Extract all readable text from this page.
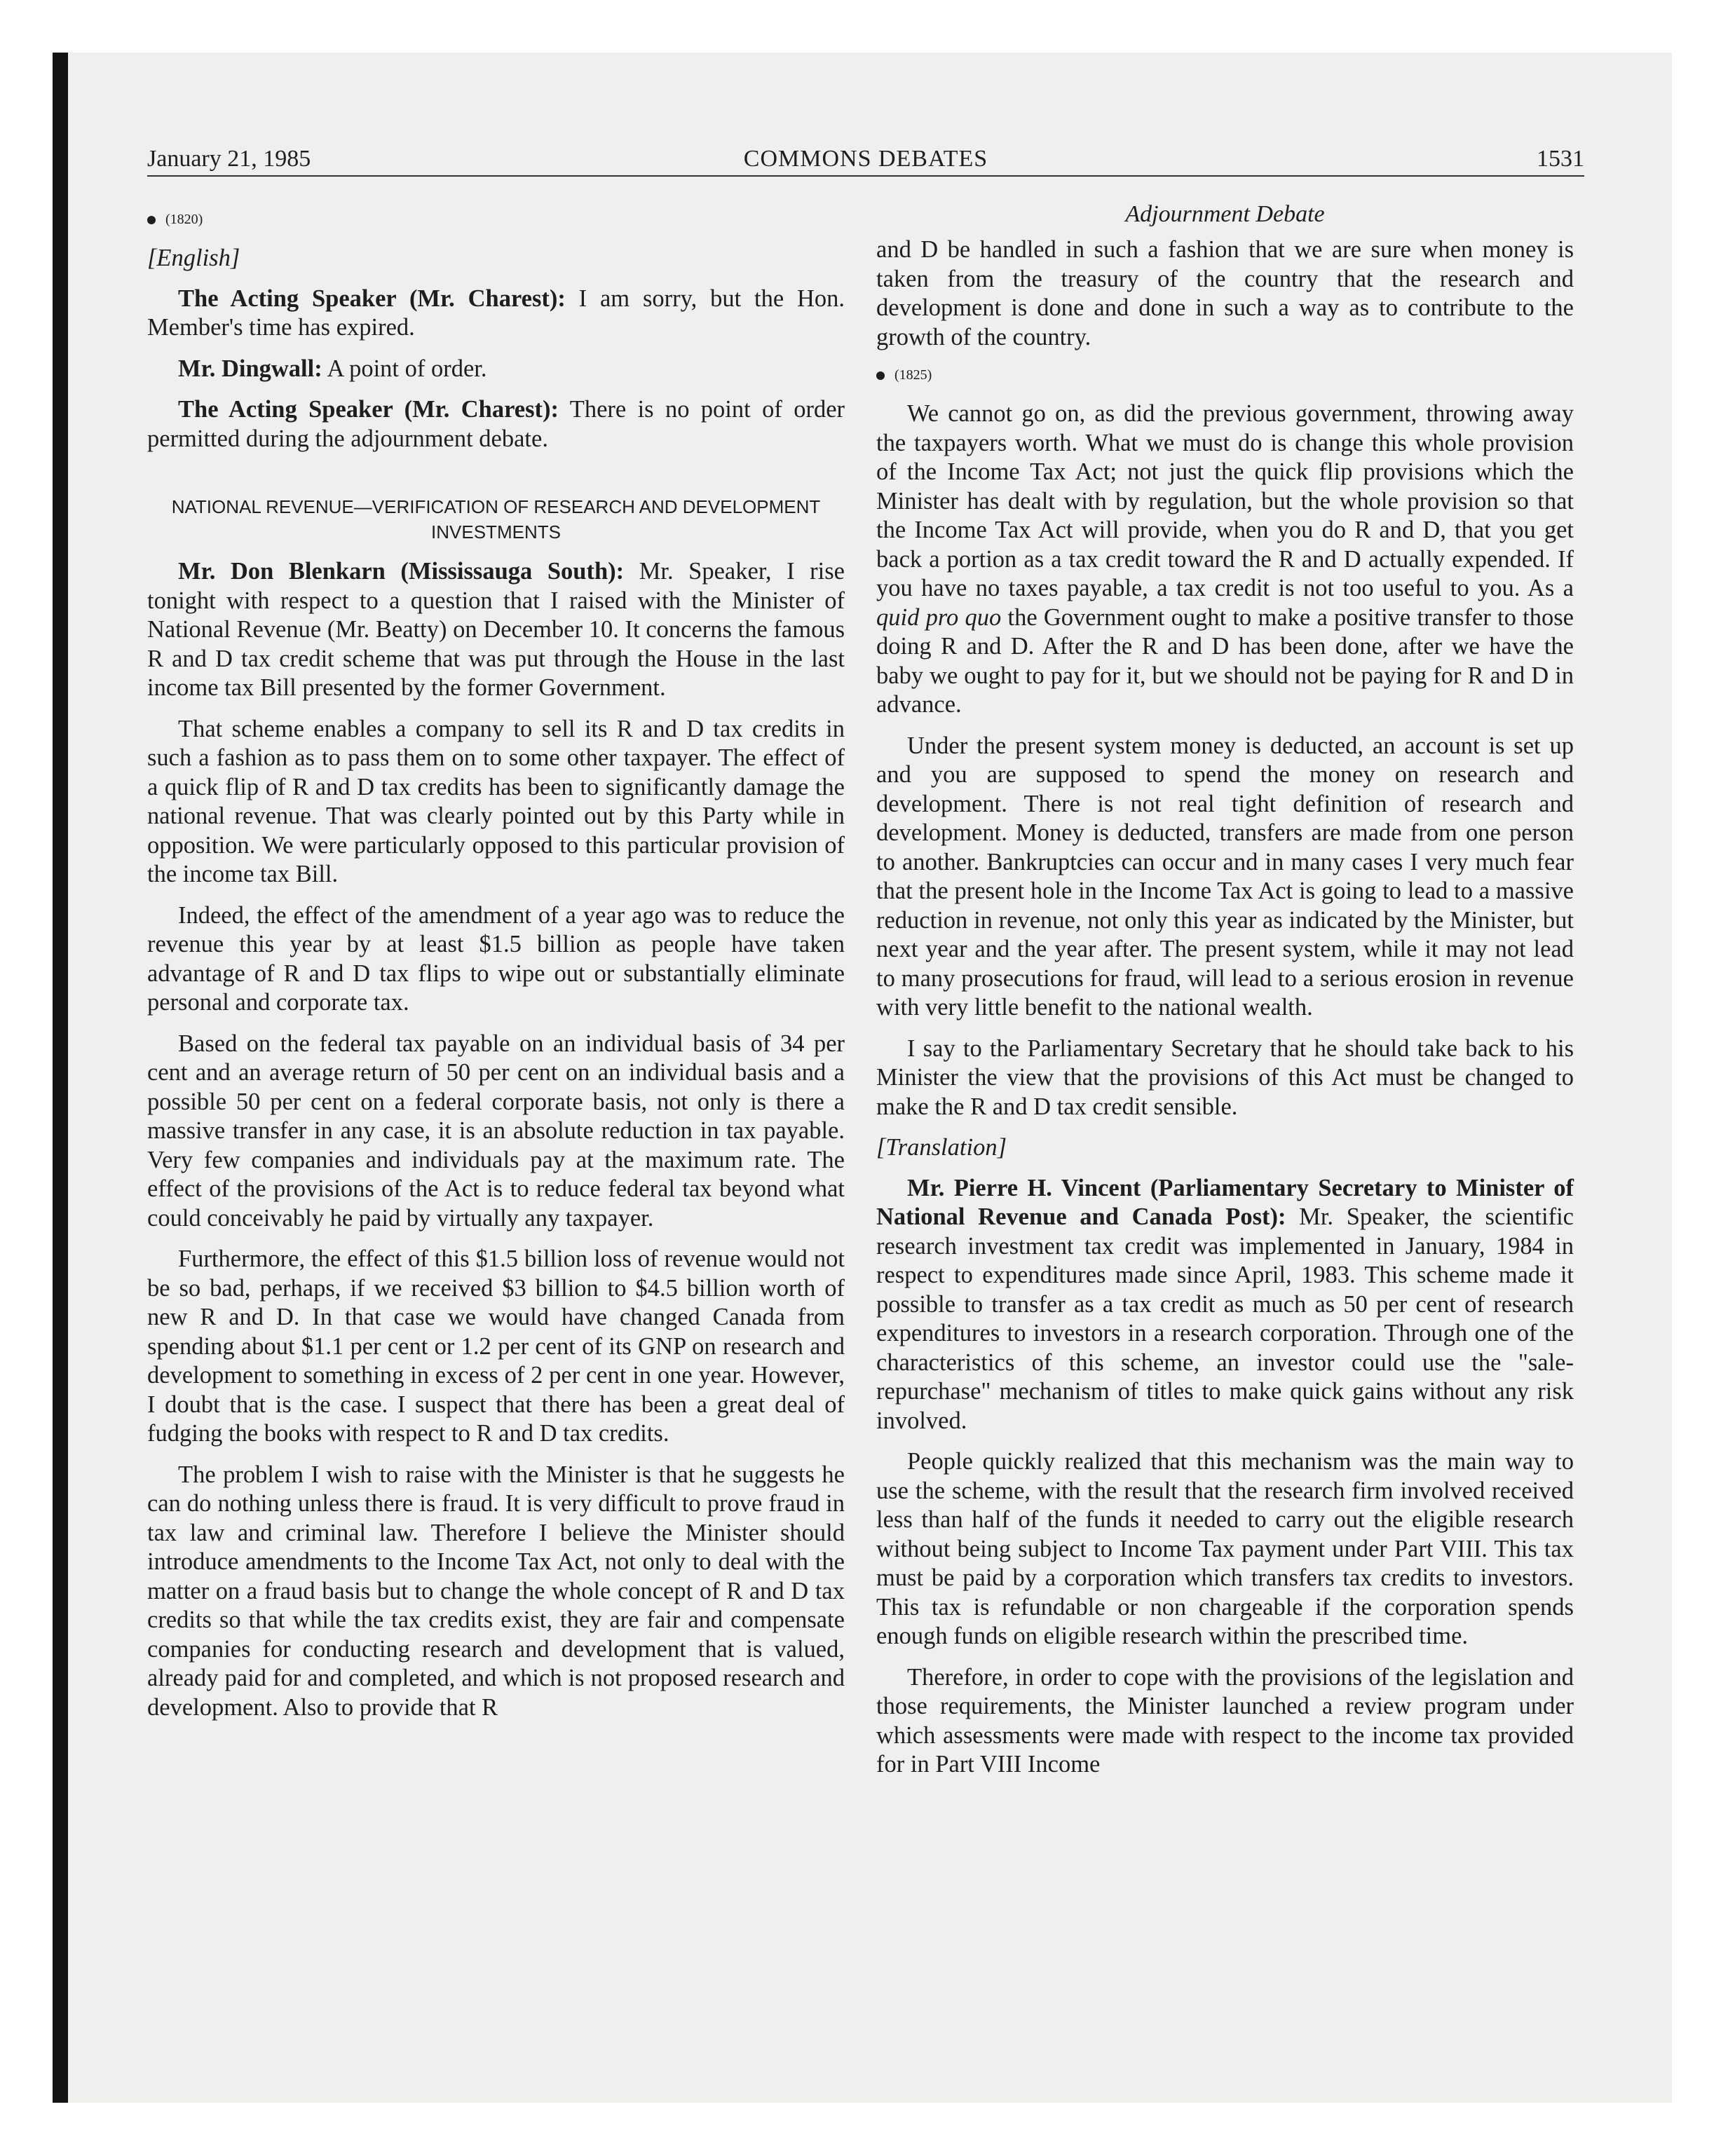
January 21, 1985	COMMONS DEBATES	1531
(1820)
[English]

The Acting Speaker (Mr. Charest): I am sorry, but the Hon. Member's time has expired.

Mr. Dingwall: A point of order.

The Acting Speaker (Mr. Charest): There is no point of order permitted during the adjournment debate.

NATIONAL REVENUE—VERIFICATION OF RESEARCH AND DEVELOPMENT INVESTMENTS

Mr. Don Blenkarn (Mississauga South): Mr. Speaker, I rise tonight with respect to a question that I raised with the Minister of National Revenue (Mr. Beatty) on December 10. It concerns the famous R and D tax credit scheme that was put through the House in the last income tax Bill presented by the former Government.

That scheme enables a company to sell its R and D tax credits in such a fashion as to pass them on to some other taxpayer. The effect of a quick flip of R and D tax credits has been to significantly damage the national revenue. That was clearly pointed out by this Party while in opposition. We were particularly opposed to this particular provision of the income tax Bill.

Indeed, the effect of the amendment of a year ago was to reduce the revenue this year by at least $1.5 billion as people have taken advantage of R and D tax flips to wipe out or substantially eliminate personal and corporate tax.

Based on the federal tax payable on an individual basis of 34 per cent and an average return of 50 per cent on an individual basis and a possible 50 per cent on a federal corporate basis, not only is there a massive transfer in any case, it is an absolute reduction in tax payable. Very few companies and individuals pay at the maximum rate. The effect of the provisions of the Act is to reduce federal tax beyond what could conceivably he paid by virtually any taxpayer.

Furthermore, the effect of this $1.5 billion loss of revenue would not be so bad, perhaps, if we received $3 billion to $4.5 billion worth of new R and D. In that case we would have changed Canada from spending about $1.1 per cent or 1.2 per cent of its GNP on research and development to something in excess of 2 per cent in one year. However, I doubt that is the case. I suspect that there has been a great deal of fudging the books with respect to R and D tax credits.

The problem I wish to raise with the Minister is that he suggests he can do nothing unless there is fraud. It is very difficult to prove fraud in tax law and criminal law. Therefore I believe the Minister should introduce amendments to the Income Tax Act, not only to deal with the matter on a fraud basis but to change the whole concept of R and D tax credits so that while the tax credits exist, they are fair and compensate companies for conducting research and development that is valued, already paid for and completed, and which is not proposed research and development. Also to provide that R

Adjournment Debate

and D be handled in such a fashion that we are sure when money is taken from the treasury of the country that the research and development is done and done in such a way as to contribute to the growth of the country.

(1825)

We cannot go on, as did the previous government, throwing away the taxpayers worth. What we must do is change this whole provision of the Income Tax Act; not just the quick flip provisions which the Minister has dealt with by regulation, but the whole provision so that the Income Tax Act will provide, when you do R and D, that you get back a portion as a tax credit toward the R and D actually expended. If you have no taxes payable, a tax credit is not too useful to you. As a quid pro quo the Government ought to make a positive transfer to those doing R and D. After the R and D has been done, after we have the baby we ought to pay for it, but we should not be paying for R and D in advance.

Under the present system money is deducted, an account is set up and you are supposed to spend the money on research and development. There is not real tight definition of research and development. Money is deducted, transfers are made from one person to another. Bankruptcies can occur and in many cases I very much fear that the present hole in the Income Tax Act is going to lead to a massive reduction in revenue, not only this year as indicated by the Minister, but next year and the year after. The present system, while it may not lead to many prosecutions for fraud, will lead to a serious erosion in revenue with very little benefit to the national wealth.

I say to the Parliamentary Secretary that he should take back to his Minister the view that the provisions of this Act must be changed to make the R and D tax credit sensible.

[Translation]

Mr. Pierre H. Vincent (Parliamentary Secretary to Minister of National Revenue and Canada Post): Mr. Speaker, the scientific research investment tax credit was implemented in January, 1984 in respect to expenditures made since April, 1983. This scheme made it possible to transfer as a tax credit as much as 50 per cent of research expenditures to investors in a research corporation. Through one of the characteristics of this scheme, an investor could use the "sale-repurchase" mechanism of titles to make quick gains without any risk involved.

People quickly realized that this mechanism was the main way to use the scheme, with the result that the research firm involved received less than half of the funds it needed to carry out the eligible research without being subject to Income Tax payment under Part VIII. This tax must be paid by a corporation which transfers tax credits to investors. This tax is refundable or non chargeable if the corporation spends enough funds on eligible research within the prescribed time.

Therefore, in order to cope with the provisions of the legislation and those requirements, the Minister launched a review program under which assessments were made with respect to the income tax provided for in Part VIII Income
